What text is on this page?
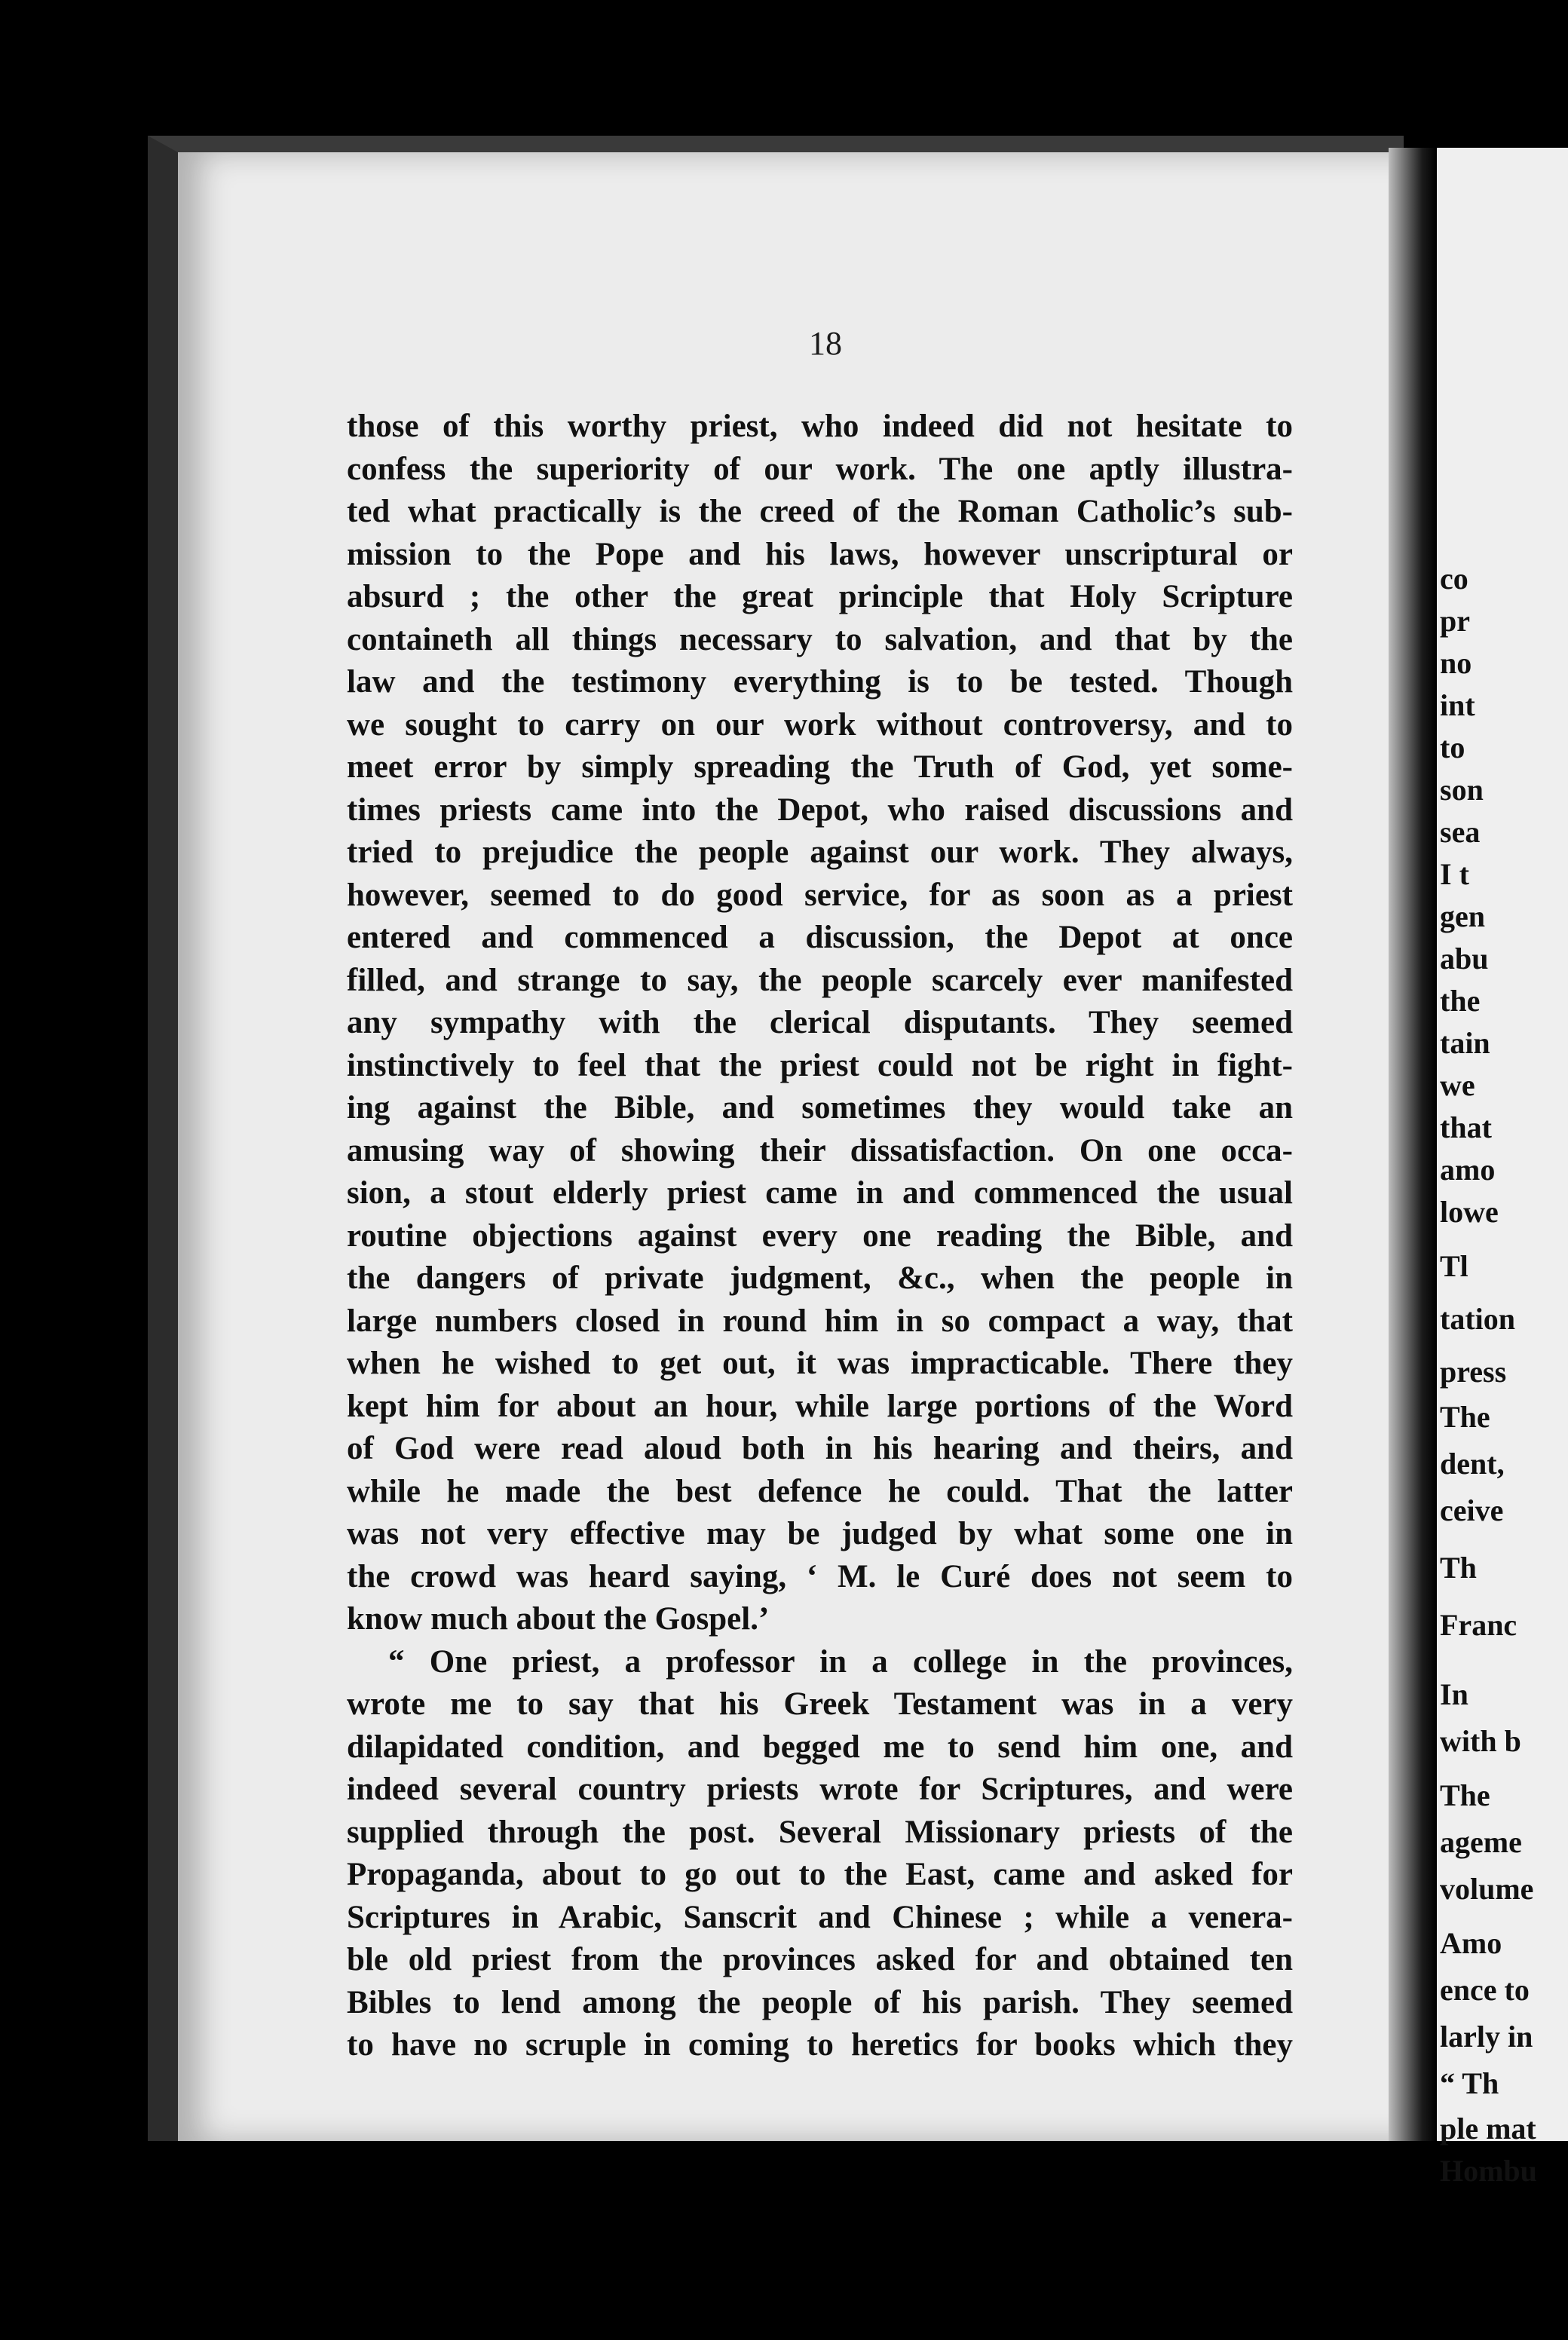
co
pr
no
int
to
son
sea
I t
gen
abu
the
tain
we
that
amo
lowe
Tl
tation
press
The
dent,
ceive
Th
Franc
In
with b
The
ageme
volume
Amo
ence to
larly in
“ Th
ple mat
Hombu
18
those of this worthy priest, who indeed did not hesitate to
confess the superiority of our work. The one aptly illustra-
ted what practically is the creed of the Roman Catholic’s sub-
mission to the Pope and his laws, however unscriptural or
absurd ; the other the great principle that Holy Scripture
containeth all things necessary to salvation, and that by the
law and the testimony everything is to be tested. Though
we sought to carry on our work without controversy, and to
meet error by simply spreading the Truth of God, yet some-
times priests came into the Depot, who raised discussions and
tried to prejudice the people against our work. They always,
however, seemed to do good service, for as soon as a priest
entered and commenced a discussion, the Depot at once
filled, and strange to say, the people scarcely ever manifested
any sympathy with the clerical disputants. They seemed
instinctively to feel that the priest could not be right in fight-
ing against the Bible, and sometimes they would take an
amusing way of showing their dissatisfaction. On one occa-
sion, a stout elderly priest came in and commenced the usual
routine objections against every one reading the Bible, and
the dangers of private judgment, &c., when the people in
large numbers closed in round him in so compact a way, that
when he wished to get out, it was impracticable. There they
kept him for about an hour, while large portions of the Word
of God were read aloud both in his hearing and theirs, and
while he made the best defence he could. That the latter
was not very effective may be judged by what some one in
the crowd was heard saying, ‘ M. le Curé does not seem to
know much about the Gospel.’
“ One priest, a professor in a college in the provinces,
wrote me to say that his Greek Testament was in a very
dilapidated condition, and begged me to send him one, and
indeed several country priests wrote for Scriptures, and were
supplied through the post. Several Missionary priests of the
Propaganda, about to go out to the East, came and asked for
Scriptures in Arabic, Sanscrit and Chinese ; while a venera-
ble old priest from the provinces asked for and obtained ten
Bibles to lend among the people of his parish. They seemed
to have no scruple in coming to heretics for books which they
